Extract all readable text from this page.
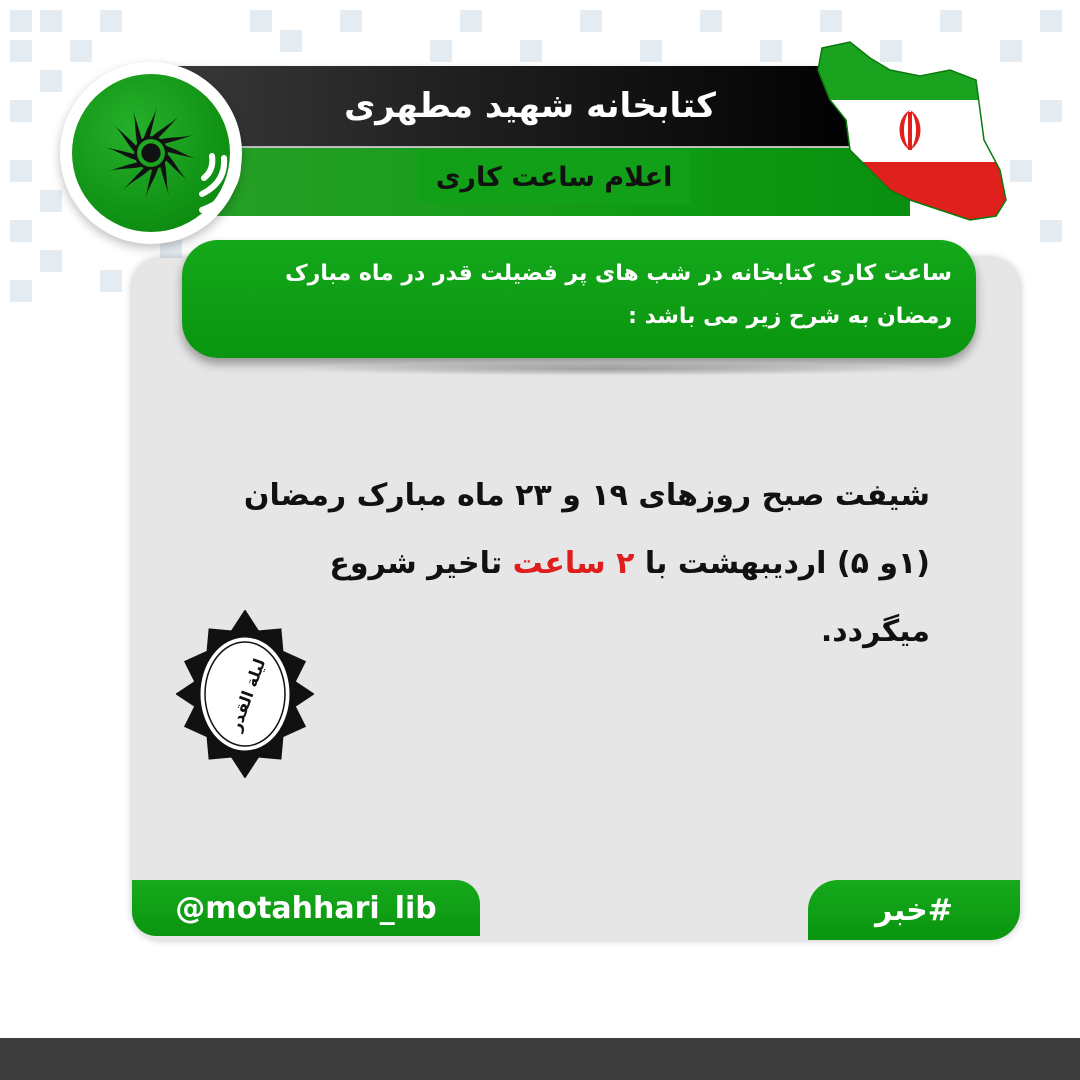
کتابخانه شهید مطهری
اعلام ساعت کاری
ساعت کاری کتابخانه در شب های پر فضیلت قدر در ماه مبارک رمضان به شرح زیر می باشد :
شیفت صبح روزهای ۱۹ و ۲۳ ماه مبارک رمضان
(۱و ۵) اردیبهشت با ۲ ساعت تاخیر شروع میگردد.
لیلة القدر
@motahhari_lib	#خبر
